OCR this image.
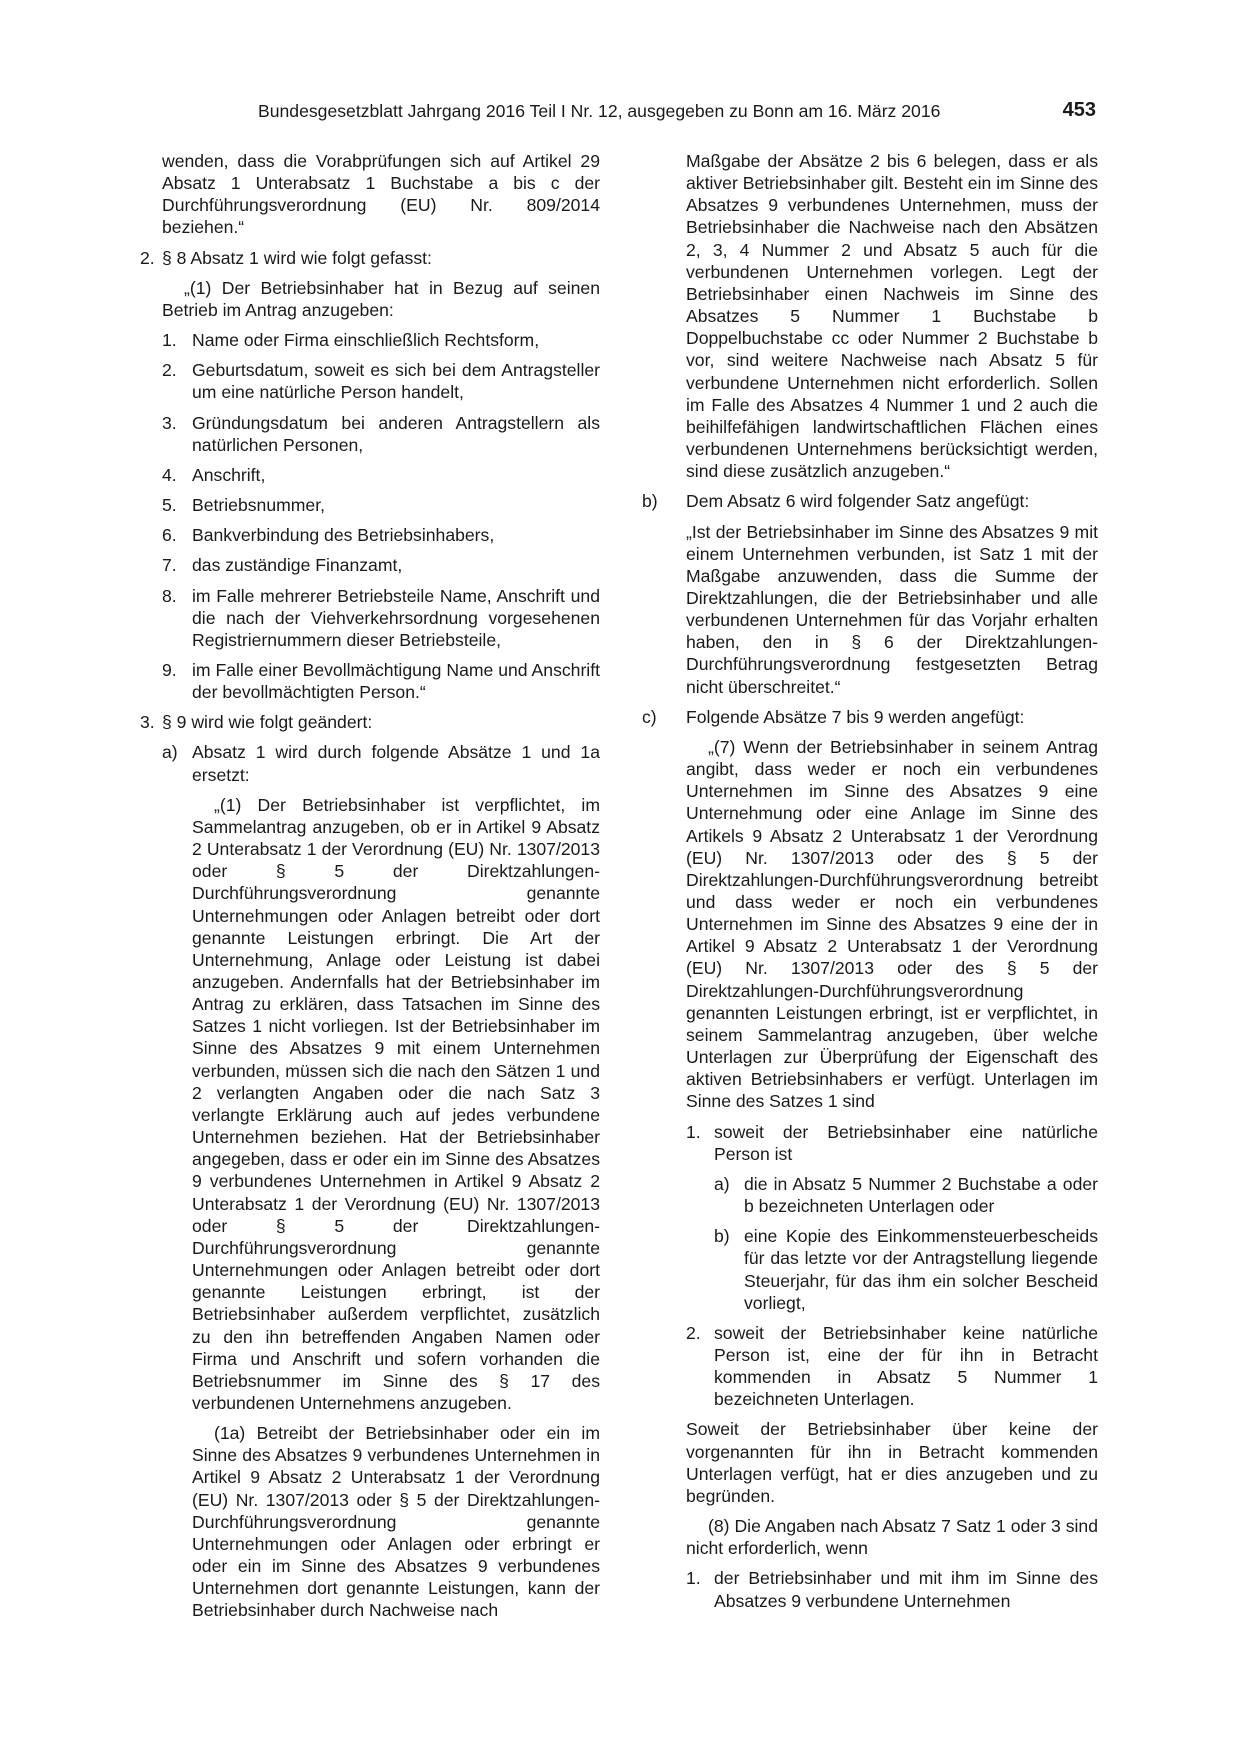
Bundesgesetzblatt Jahrgang 2016 Teil I Nr. 12, ausgegeben zu Bonn am 16. März 2016	453
wenden, dass die Vorabprüfungen sich auf Artikel 29 Absatz 1 Unterabsatz 1 Buchstabe a bis c der Durchführungsverordnung (EU) Nr. 809/2014 beziehen.“
2. § 8 Absatz 1 wird wie folgt gefasst:
„(1) Der Betriebsinhaber hat in Bezug auf seinen Betrieb im Antrag anzugeben:
1. Name oder Firma einschließlich Rechtsform,
2. Geburtsdatum, soweit es sich bei dem Antragsteller um eine natürliche Person handelt,
3. Gründungsdatum bei anderen Antragstellern als natürlichen Personen,
4. Anschrift,
5. Betriebsnummer,
6. Bankverbindung des Betriebsinhabers,
7. das zuständige Finanzamt,
8. im Falle mehrerer Betriebsteile Name, Anschrift und die nach der Viehverkehrsordnung vorgesehenen Registriernummern dieser Betriebsteile,
9. im Falle einer Bevollmächtigung Name und Anschrift der bevollmächtigten Person.“
3. § 9 wird wie folgt geändert:
a) Absatz 1 wird durch folgende Absätze 1 und 1a ersetzt:
„(1) Der Betriebsinhaber ist verpflichtet, im Sammelantrag anzugeben, ob er in Artikel 9 Absatz 2 Unterabsatz 1 der Verordnung (EU) Nr. 1307/2013 oder § 5 der Direktzahlungen-Durchführungsverordnung genannte Unternehmungen oder Anlagen betreibt oder dort genannte Leistungen erbringt. Die Art der Unternehmung, Anlage oder Leistung ist dabei anzugeben. Andernfalls hat der Betriebsinhaber im Antrag zu erklären, dass Tatsachen im Sinne des Satzes 1 nicht vorliegen. Ist der Betriebsinhaber im Sinne des Absatzes 9 mit einem Unternehmen verbunden, müssen sich die nach den Sätzen 1 und 2 verlangten Angaben oder die nach Satz 3 verlangte Erklärung auch auf jedes verbundene Unternehmen beziehen. Hat der Betriebsinhaber angegeben, dass er oder ein im Sinne des Absatzes 9 verbundenes Unternehmen in Artikel 9 Absatz 2 Unterabsatz 1 der Verordnung (EU) Nr. 1307/2013 oder § 5 der Direktzahlungen-Durchführungsverordnung genannte Unternehmungen oder Anlagen betreibt oder dort genannte Leistungen erbringt, ist der Betriebsinhaber außerdem verpflichtet, zusätzlich zu den ihn betreffenden Angaben Namen oder Firma und Anschrift und sofern vorhanden die Betriebsnummer im Sinne des § 17 des verbundenen Unternehmens anzugeben.
(1a) Betreibt der Betriebsinhaber oder ein im Sinne des Absatzes 9 verbundenes Unternehmen in Artikel 9 Absatz 2 Unterabsatz 1 der Verordnung (EU) Nr. 1307/2013 oder § 5 der Direktzahlungen-Durchführungsverordnung genannte Unternehmungen oder Anlagen oder erbringt er oder ein im Sinne des Absatzes 9 verbundenes Unternehmen dort genannte Leistungen, kann der Betriebsinhaber durch Nachweise nach
Maßgabe der Absätze 2 bis 6 belegen, dass er als aktiver Betriebsinhaber gilt. Besteht ein im Sinne des Absatzes 9 verbundenes Unternehmen, muss der Betriebsinhaber die Nachweise nach den Absätzen 2, 3, 4 Nummer 2 und Absatz 5 auch für die verbundenen Unternehmen vorlegen. Legt der Betriebsinhaber einen Nachweis im Sinne des Absatzes 5 Nummer 1 Buchstabe b Doppelbuchstabe cc oder Nummer 2 Buchstabe b vor, sind weitere Nachweise nach Absatz 5 für verbundene Unternehmen nicht erforderlich. Sollen im Falle des Absatzes 4 Nummer 1 und 2 auch die beihilfefähigen landwirtschaftlichen Flächen eines verbundenen Unternehmens berücksichtigt werden, sind diese zusätzlich anzugeben.“
b) Dem Absatz 6 wird folgender Satz angefügt:
„Ist der Betriebsinhaber im Sinne des Absatzes 9 mit einem Unternehmen verbunden, ist Satz 1 mit der Maßgabe anzuwenden, dass die Summe der Direktzahlungen, die der Betriebsinhaber und alle verbundenen Unternehmen für das Vorjahr erhalten haben, den in § 6 der Direktzahlungen-Durchführungsverordnung festgesetzten Betrag nicht überschreitet.“
c) Folgende Absätze 7 bis 9 werden angefügt:
„(7) Wenn der Betriebsinhaber in seinem Antrag angibt, dass weder er noch ein verbundenes Unternehmen im Sinne des Absatzes 9 eine Unternehmung oder eine Anlage im Sinne des Artikels 9 Absatz 2 Unterabsatz 1 der Verordnung (EU) Nr. 1307/2013 oder des § 5 der Direktzahlungen-Durchführungsverordnung betreibt und dass weder er noch ein verbundenes Unternehmen im Sinne des Absatzes 9 eine der in Artikel 9 Absatz 2 Unterabsatz 1 der Verordnung (EU) Nr. 1307/2013 oder des § 5 der Direktzahlungen-Durchführungsverordnung genannten Leistungen erbringt, ist er verpflichtet, in seinem Sammelantrag anzugeben, über welche Unterlagen zur Überprüfung der Eigenschaft des aktiven Betriebsinhabers er verfügt. Unterlagen im Sinne des Satzes 1 sind
1. soweit der Betriebsinhaber eine natürliche Person ist
a) die in Absatz 5 Nummer 2 Buchstabe a oder b bezeichneten Unterlagen oder
b) eine Kopie des Einkommensteuerbescheids für das letzte vor der Antragstellung liegende Steuerjahr, für das ihm ein solcher Bescheid vorliegt,
2. soweit der Betriebsinhaber keine natürliche Person ist, eine der für ihn in Betracht kommenden in Absatz 5 Nummer 1 bezeichneten Unterlagen.
Soweit der Betriebsinhaber über keine der vorgenannten für ihn in Betracht kommenden Unterlagen verfügt, hat er dies anzugeben und zu begründen.
(8) Die Angaben nach Absatz 7 Satz 1 oder 3 sind nicht erforderlich, wenn
1. der Betriebsinhaber und mit ihm im Sinne des Absatzes 9 verbundene Unternehmen
